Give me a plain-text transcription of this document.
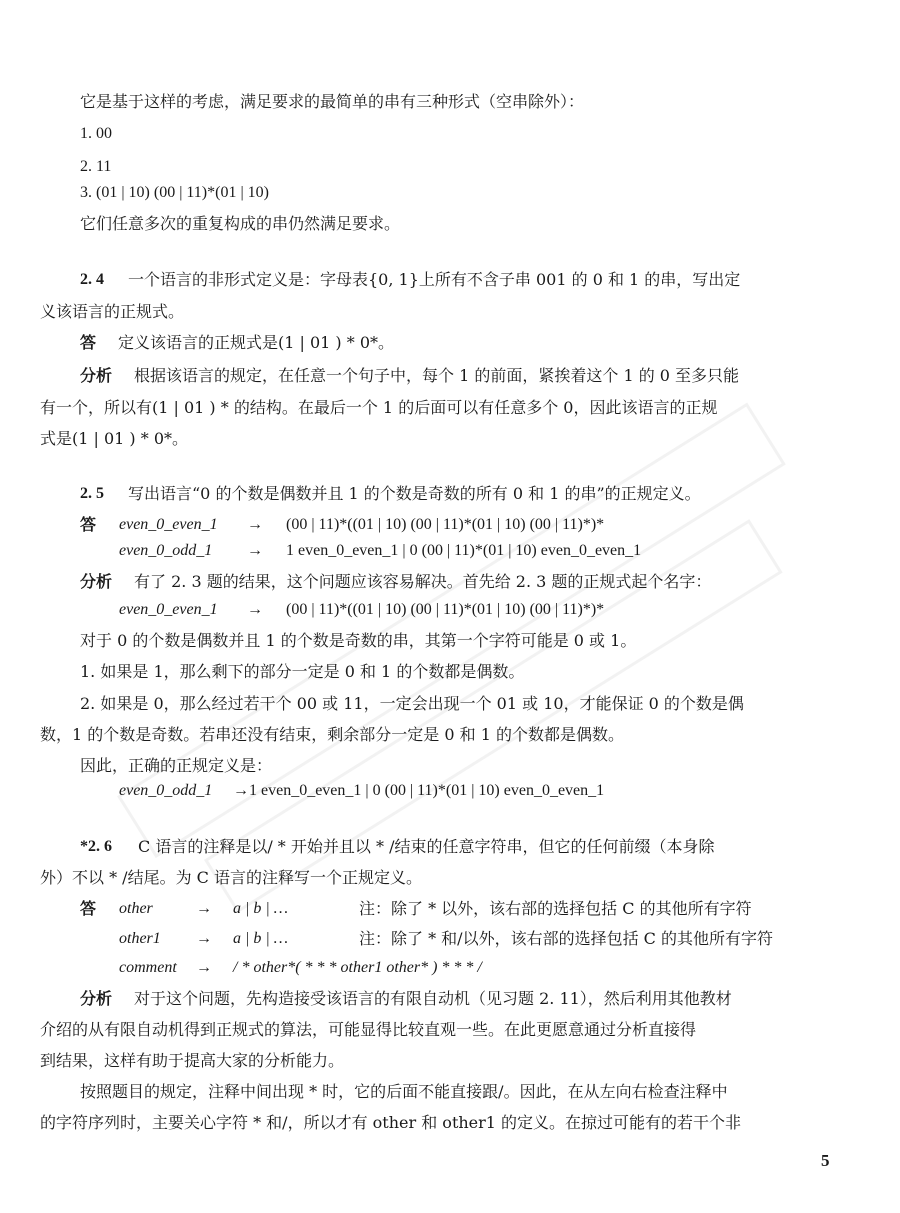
它是基于这样的考虑，满足要求的最简单的串有三种形式（空串除外）：
1. 00
2. 11
3. (01 | 10) (00 | 11)*(01 | 10)
它们任意多次的重复构成的串仍然满足要求。
2. 4 一个语言的非形式定义是：字母表{0, 1}上所有不含子串 001 的 0 和 1 的串，写出定
义该语言的正规式。
答 定义该语言的正规式是(1 | 01 ) * 0*。
分析 根据该语言的规定，在任意一个句子中，每个 1 的前面，紧挨着这个 1 的 0 至多只能
有一个，所以有(1 | 01 ) * 的结构。在最后一个 1 的后面可以有任意多个 0，因此该语言的正规
式是(1 | 01 ) * 0*。
2. 5 写出语言“0 的个数是偶数并且 1 的个数是奇数的所有 0 和 1 的串”的正规定义。
答 even_0_even_1 → (00 | 11)*((01 | 10) (00 | 11)*(01 | 10) (00 | 11)*)*
even_0_odd_1 → 1 even_0_even_1 | 0 (00 | 11)*(01 | 10) even_0_even_1
分析 有了 2. 3 题的结果，这个问题应该容易解决。首先给 2. 3 题的正规式起个名字：
even_0_even_1 → (00 | 11)*((01 | 10) (00 | 11)*(01 | 10) (00 | 11)*)*
对于 0 的个数是偶数并且 1 的个数是奇数的串，其第一个字符可能是 0 或 1。
1. 如果是 1，那么剩下的部分一定是 0 和 1 的个数都是偶数。
2. 如果是 0，那么经过若干个 00 或 11，一定会出现一个 01 或 10，才能保证 0 的个数是偶
数，1 的个数是奇数。若串还没有结束，剩余部分一定是 0 和 1 的个数都是偶数。
因此，正确的正规定义是：
even_0_odd_1 →1 even_0_even_1 | 0 (00 | 11)*(01 | 10) even_0_even_1
*2. 6 C 语言的注释是以/ * 开始并且以 * /结束的任意字符串，但它的任何前缀（本身除
外）不以 * /结尾。为 C 语言的注释写一个正规定义。
答 other	→ a | b | …	注：除了 * 以外，该右部的选择包括 C 的其他所有字符
other1 → a | b | …	注：除了 * 和/以外，该右部的选择包括 C 的其他所有字符
comment → / * other*( * * * other1 other* ) * * * /
分析 对于这个问题，先构造接受该语言的有限自动机（见习题 2. 11），然后利用其他教材
介绍的从有限自动机得到正规式的算法，可能显得比较直观一些。在此更愿意通过分析直接得
到结果，这样有助于提高大家的分析能力。
按照题目的规定，注释中间出现 * 时，它的后面不能直接跟/。因此，在从左向右检查注释中
的字符序列时，主要关心字符 * 和/，所以才有 other 和 other1 的定义。在掠过可能有的若干个非
5
